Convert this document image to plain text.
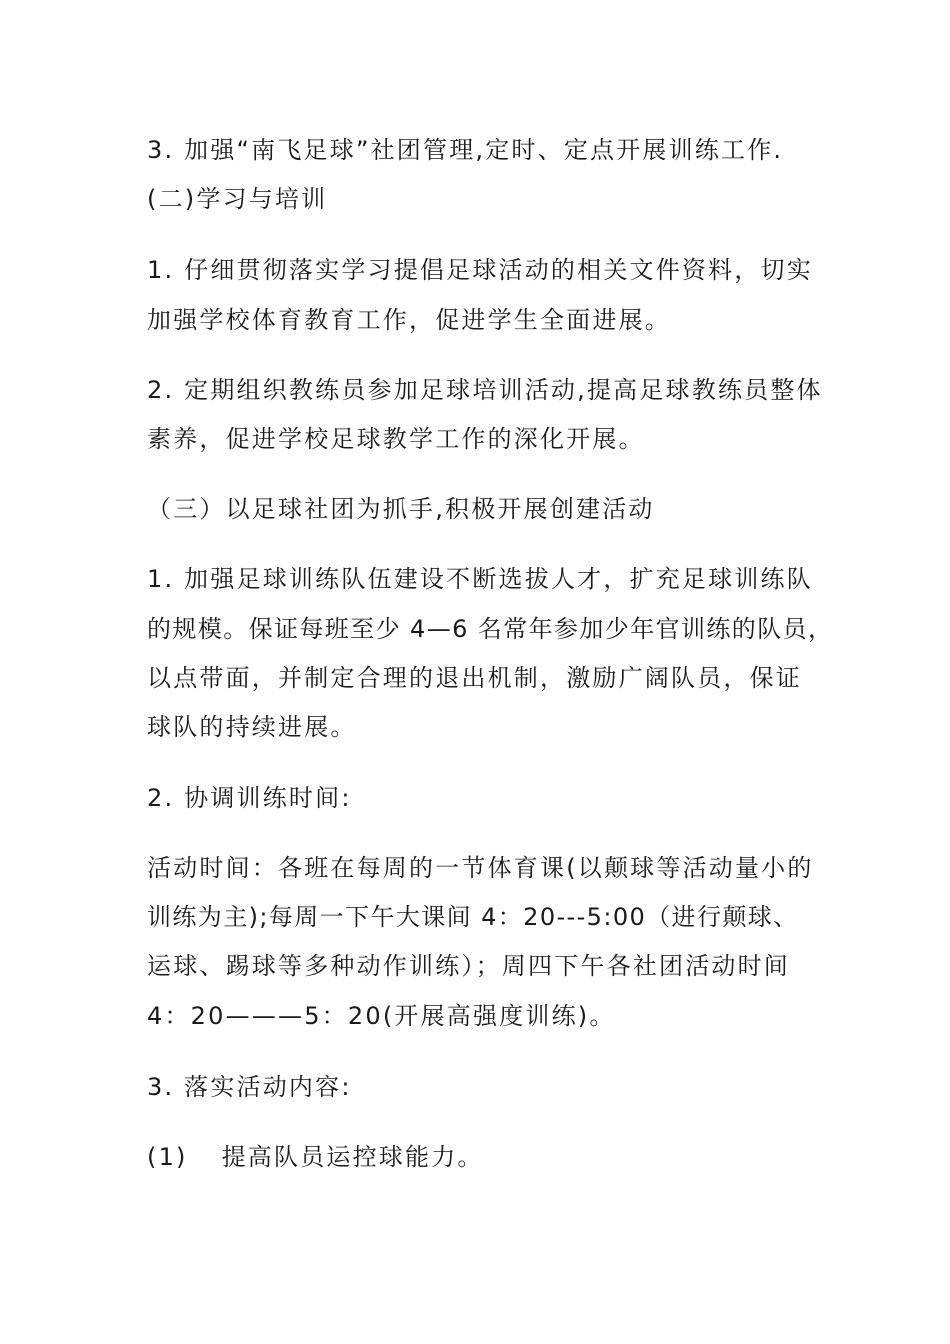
3. 加强“南飞足球”社团管理,定时、定点开展训练工作.
(二)学习与培训
1. 仔细贯彻落实学习提倡足球活动的相关文件资料，切实
加强学校体育教育工作，促进学生全面进展。
2. 定期组织教练员参加足球培训活动,提高足球教练员整体
素养，促进学校足球教学工作的深化开展。
（三）以足球社团为抓手,积极开展创建活动
1. 加强足球训练队伍建设不断选拔人才，扩充足球训练队
的规模。保证每班至少 4—6 名常年参加少年官训练的队员，
以点带面，并制定合理的退出机制，激励广阔队员，保证
球队的持续进展。
2. 协调训练时间:
活动时间：各班在每周的一节体育课(以颠球等活动量小的
训练为主);每周一下午大课间 4：20---5:00（进行颠球、
运球、踢球等多种动作训练）；周四下午各社团活动时间
4：20———5：20(开展高强度训练)。
3. 落实活动内容:
(1) 提高队员运控球能力。
